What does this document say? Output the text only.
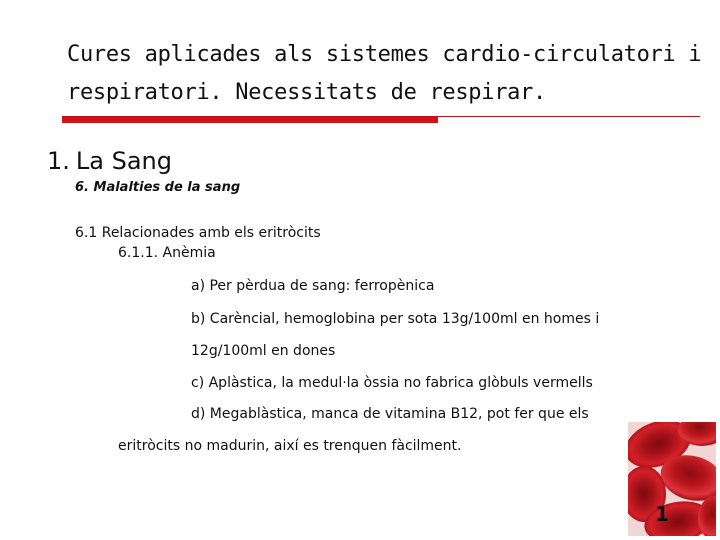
Cures aplicades als sistemes cardio-circulatori i
respiratori. Necessitats de respirar.
1. La Sang
6. Malalties de la sang
6.1 Relacionades amb els eritròcits
6.1.1. Anèmia
a) Per pèrdua de sang: ferropènica
b) Carèncial, hemoglobina per sota 13g/100ml en homes i
12g/100ml en dones
c) Aplàstica, la medul·la òssia no fabrica glòbuls vermells
d) Megablàstica, manca de vitamina B12, pot fer que els
eritròcits no madurin, així es trenquen fàcilment.
1
